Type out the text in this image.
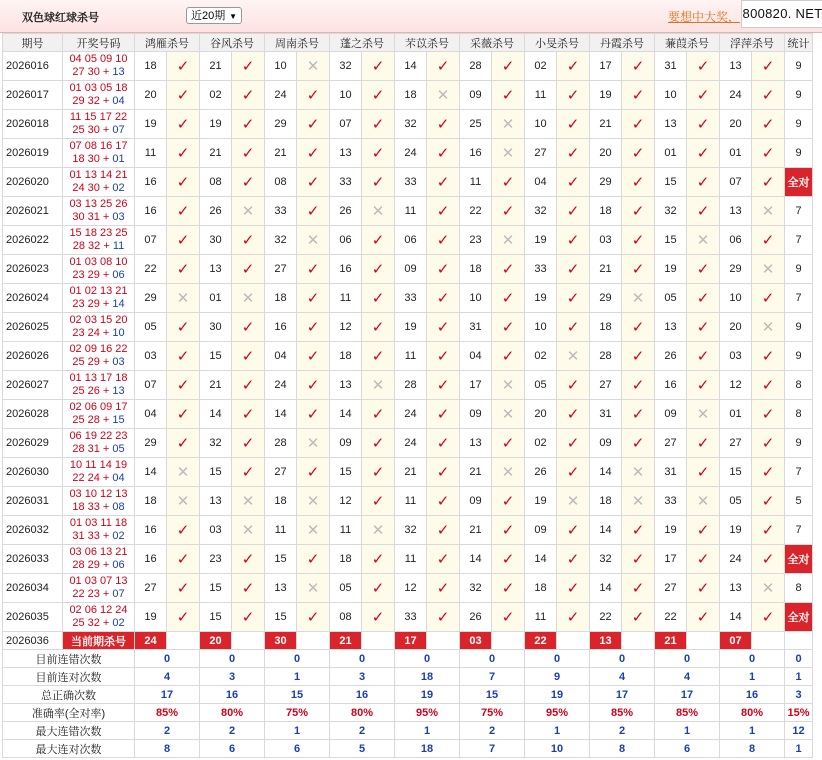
双色球红球杀号	近20期 ▼	要想中大奖， 800820. NET
期号	开奖号码	鸿雁杀号		谷风杀号		周南杀号		蓬之杀号		芣苡杀号		采薇杀号		小旻杀号		丹霞杀号		蒹葭杀号		浮萍杀号		统计
2026016	04 05 09 10 27 30 + 13	18	✓	21	✓	10	✕	32	✓	14	✓	28	✓	02	✓	17	✓	31	✓	13	✓	9
2026017	01 03 05 18 29 32 + 04	20	✓	02	✓	24	✓	10	✓	18	✕	09	✓	11	✓	19	✓	10	✓	24	✓	9
2026018	11 15 17 22 25 30 + 07	19	✓	19	✓	29	✓	07	✓	32	✓	25	✕	10	✓	21	✓	13	✓	20	✓	9
2026019	07 08 16 17 18 30 + 01	11	✓	21	✓	21	✓	13	✓	24	✓	16	✕	27	✓	20	✓	01	✓	01	✓	9
2026020	01 13 14 21 24 30 + 02	16	✓	08	✓	08	✓	33	✓	33	✓	11	✓	04	✓	29	✓	15	✓	07	✓	全对
2026021	03 13 25 26 30 31 + 03	16	✓	26	✕	33	✓	26	✕	11	✓	22	✓	32	✓	18	✓	32	✓	13	✕	7
2026022	15 18 23 25 28 32 + 11	07	✓	30	✓	32	✕	06	✓	06	✓	23	✕	19	✓	03	✓	15	✕	06	✓	7
2026023	01 03 08 10 23 29 + 06	22	✓	13	✓	27	✓	16	✓	09	✓	18	✓	33	✓	21	✓	19	✓	29	✕	9
2026024	01 02 13 21 23 29 + 14	29	✕	01	✕	18	✓	11	✓	33	✓	10	✓	19	✓	29	✕	05	✓	10	✓	7
2026025	02 03 15 20 23 24 + 10	05	✓	30	✓	16	✓	12	✓	19	✓	31	✓	10	✓	18	✓	13	✓	20	✕	9
2026026	02 09 16 22 25 29 + 03	03	✓	15	✓	04	✓	18	✓	11	✓	04	✓	02	✕	28	✓	26	✓	03	✓	9
2026027	01 13 17 18 25 26 + 13	07	✓	21	✓	24	✓	13	✕	28	✓	17	✕	05	✓	27	✓	16	✓	12	✓	8
2026028	02 06 09 17 25 28 + 15	04	✓	14	✓	14	✓	14	✓	24	✓	09	✕	20	✓	31	✓	09	✕	01	✓	8
2026029	06 19 22 23 28 31 + 05	29	✓	32	✓	28	✕	09	✓	24	✓	13	✓	02	✓	09	✓	27	✓	27	✓	9
2026030	10 11 14 19 22 24 + 04	14	✕	15	✓	27	✓	15	✓	21	✓	21	✕	26	✓	14	✕	31	✓	15	✓	7
2026031	03 10 12 13 18 33 + 08	18	✕	13	✕	18	✕	12	✓	11	✓	09	✓	19	✕	18	✕	33	✕	05	✓	5
2026032	01 03 11 18 31 33 + 02	16	✓	03	✕	11	✕	11	✕	32	✓	21	✓	09	✓	14	✓	19	✓	19	✓	7
2026033	03 06 13 21 28 29 + 06	16	✓	23	✓	15	✓	18	✓	11	✓	14	✓	14	✓	32	✓	17	✓	24	✓	全对
2026034	01 03 07 13 22 23 + 07	27	✓	15	✓	13	✕	05	✓	12	✓	32	✓	18	✓	14	✓	27	✓	13	✕	8
2026035	02 06 12 24 25 32 + 02	19	✓	15	✓	15	✓	08	✓	33	✓	26	✓	11	✓	22	✓	22	✓	14	✓	全对
2026036	当前期杀号	24		20		30		21		17		03		22		13		21		07		
目前连错次数		0		0		0		0		0		0		0		0		0		0		0
目前连对次数		4		3		1		3		18		7		9		4		4		1		1
总正确次数		17		16		15		16		19		15		19		17		17		16		3
准确率(全对率)		85%		80%		75%		80%		95%		75%		95%		85%		85%		80%		15%
最大连错次数		2		2		1		2		1		2		1		2		1		1		12
最大连对次数		8		6		6		5		18		7		10		8		6		8		1
